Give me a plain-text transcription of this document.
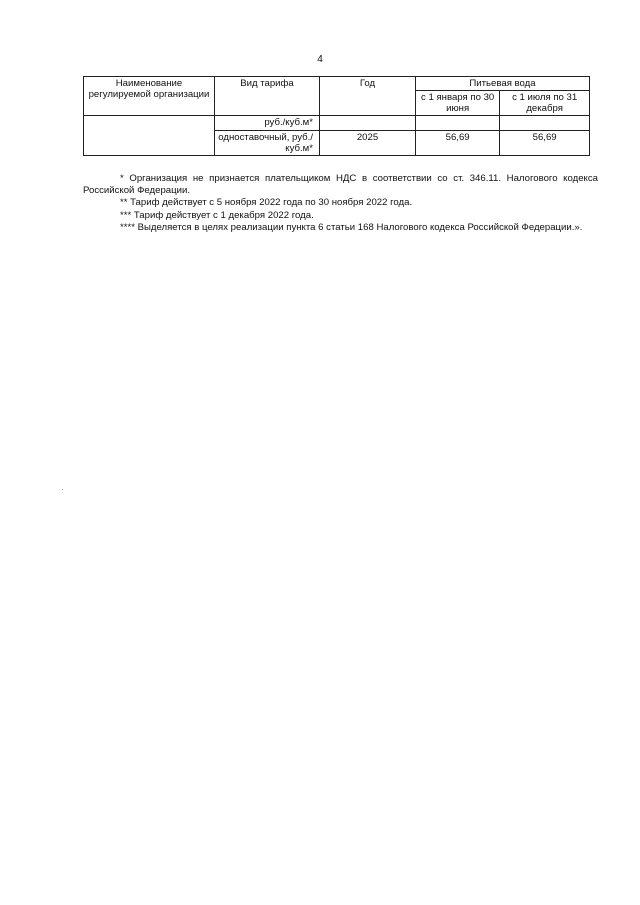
4
Наименование регулируемой организации	Вид тарифа	Год	Питьевая вода	
			с 1 января по 30 июня	с 1 июля по 31 декабря
	руб./куб.м*			
	одноставочный, руб./куб.м*	2025	56,69	56,69

* Организация не признается плательщиком НДС в соответствии со ст. 346.11. Налогового кодекса Российской Федерации.

** Тариф действует с 5 ноября 2022 года по 30 ноября 2022 года.

*** Тариф действует с 1 декабря 2022 года.

**** Выделяется в целях реализации пункта 6 статьи 168 Налогового кодекса Российской Федерации.».
